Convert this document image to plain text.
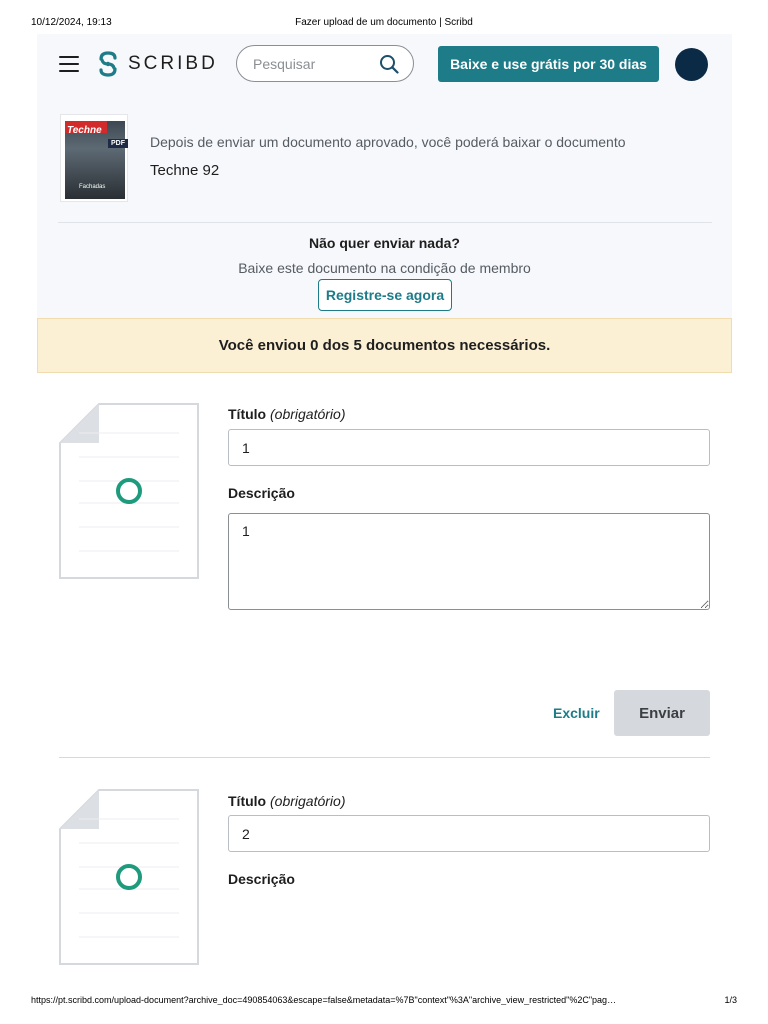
10/12/2024, 19:13	Fazer upload de um documento | Scribd
SCRIBD
Pesquisar	Baixe e use grátis por 30 dias
Techne
PDF
Fachadas

Depois de enviar um documento aprovado, você poderá baixar o documento

Techne 92

Não quer enviar nada?

Baixe este documento na condição de membro

Registre-se agora
Você enviou 0 dos 5 documentos necessários.
Título (obrigatório)
1
Descrição
1
Excluir	Enviar
Título (obrigatório)
2
Descrição
https://pt.scribd.com/upload-document?archive_doc=490854063&escape=false&metadata=%7B"context"%3A"archive_view_restricted"%2C"pag…	1/3
